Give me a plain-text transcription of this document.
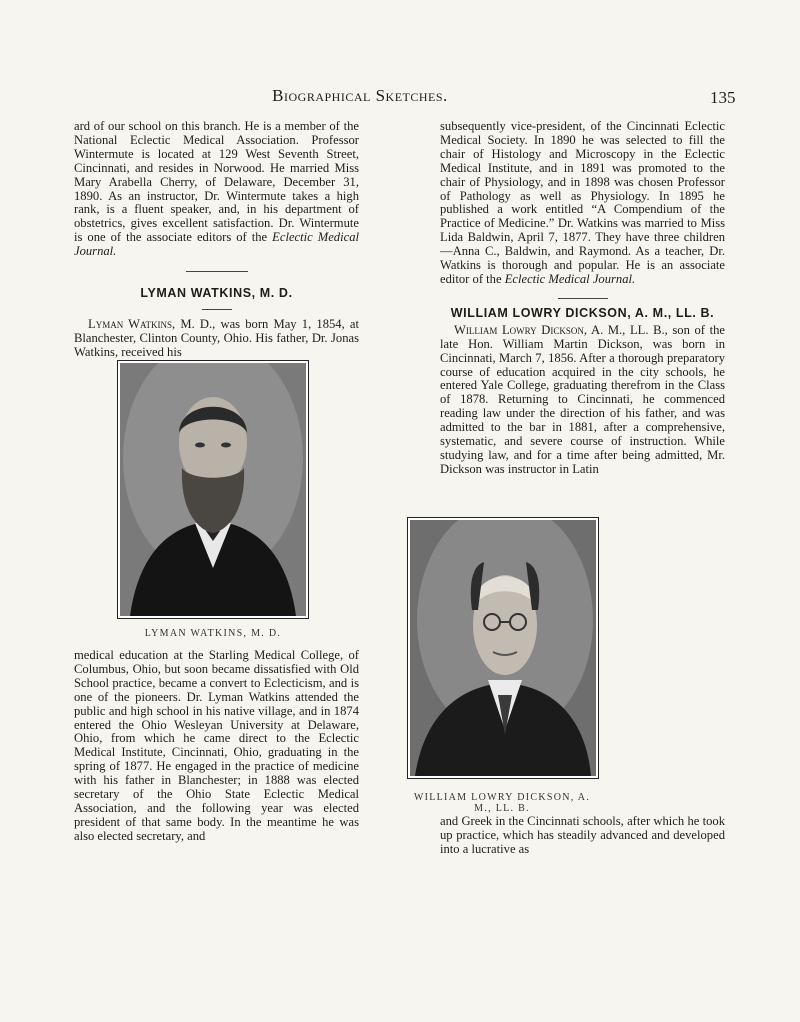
Biographical Sketches.	135

ard of our school on this branch. He is a member of the National Eclectic Medical Association. Professor Wintermute is located at 129 West Seventh Street, Cincinnati, and resides in Norwood. He married Miss Mary Arabella Cherry, of Delaware, December 31, 1890. As an instructor, Dr. Wintermute takes a high rank, is a fluent speaker, and, in his department of obstetrics, gives excellent satisfaction. Dr. Wintermute is one of the associate editors of the Eclectic Medical Journal.

LYMAN WATKINS, M. D.

Lyman Watkins, M. D., was born May 1, 1854, at Blanchester, Clinton County, Ohio. His father, Dr. Jonas Watkins, received his

LYMAN WATKINS, M. D.

medical education at the Starling Medical College, of Columbus, Ohio, but soon became dissatisfied with Old School practice, became a convert to Eclecticism, and is one of the pioneers. Dr. Lyman Watkins attended the public and high school in his native village, and in 1874 entered the Ohio Wesleyan University at Delaware, Ohio, from which he came direct to the Eclectic Medical Institute, Cincinnati, Ohio, graduating in the spring of 1877. He engaged in the practice of medicine with his father in Blanchester; in 1888 was elected secretary of the Ohio State Eclectic Medical Association, and the following year was elected president of that same body. In the meantime he was also elected secretary, and

subsequently vice-president, of the Cincinnati Eclectic Medical Society. In 1890 he was selected to fill the chair of Histology and Microscopy in the Eclectic Medical Institute, and in 1891 was promoted to the chair of Physiology, and in 1898 was chosen Professor of Pathology as well as Physiology. In 1895 he published a work entitled “A Compendium of the Practice of Medicine.” Dr. Watkins was married to Miss Lida Baldwin, April 7, 1877. They have three children—Anna C., Baldwin, and Raymond. As a teacher, Dr. Watkins is thorough and popular. He is an associate editor of the Eclectic Medical Journal.

WILLIAM LOWRY DICKSON, A. M., LL. B.

William Lowry Dickson, A. M., LL. B., son of the late Hon. William Martin Dickson, was born in Cincinnati, March 7, 1856. After a thorough preparatory course of education acquired in the city schools, he entered Yale College, graduating therefrom in the Class of 1878. Returning to Cincinnati, he commenced reading law under the direction of his father, and was admitted to the bar in 1881, after a comprehensive, systematic, and severe course of instruction. While studying law, and for a time after being admitted, Mr. Dickson was instructor in Latin

WILLIAM LOWRY DICKSON, A. M., LL. B.

and Greek in the Cincinnati schools, after which he took up practice, which has steadily advanced and developed into a lucrative as
